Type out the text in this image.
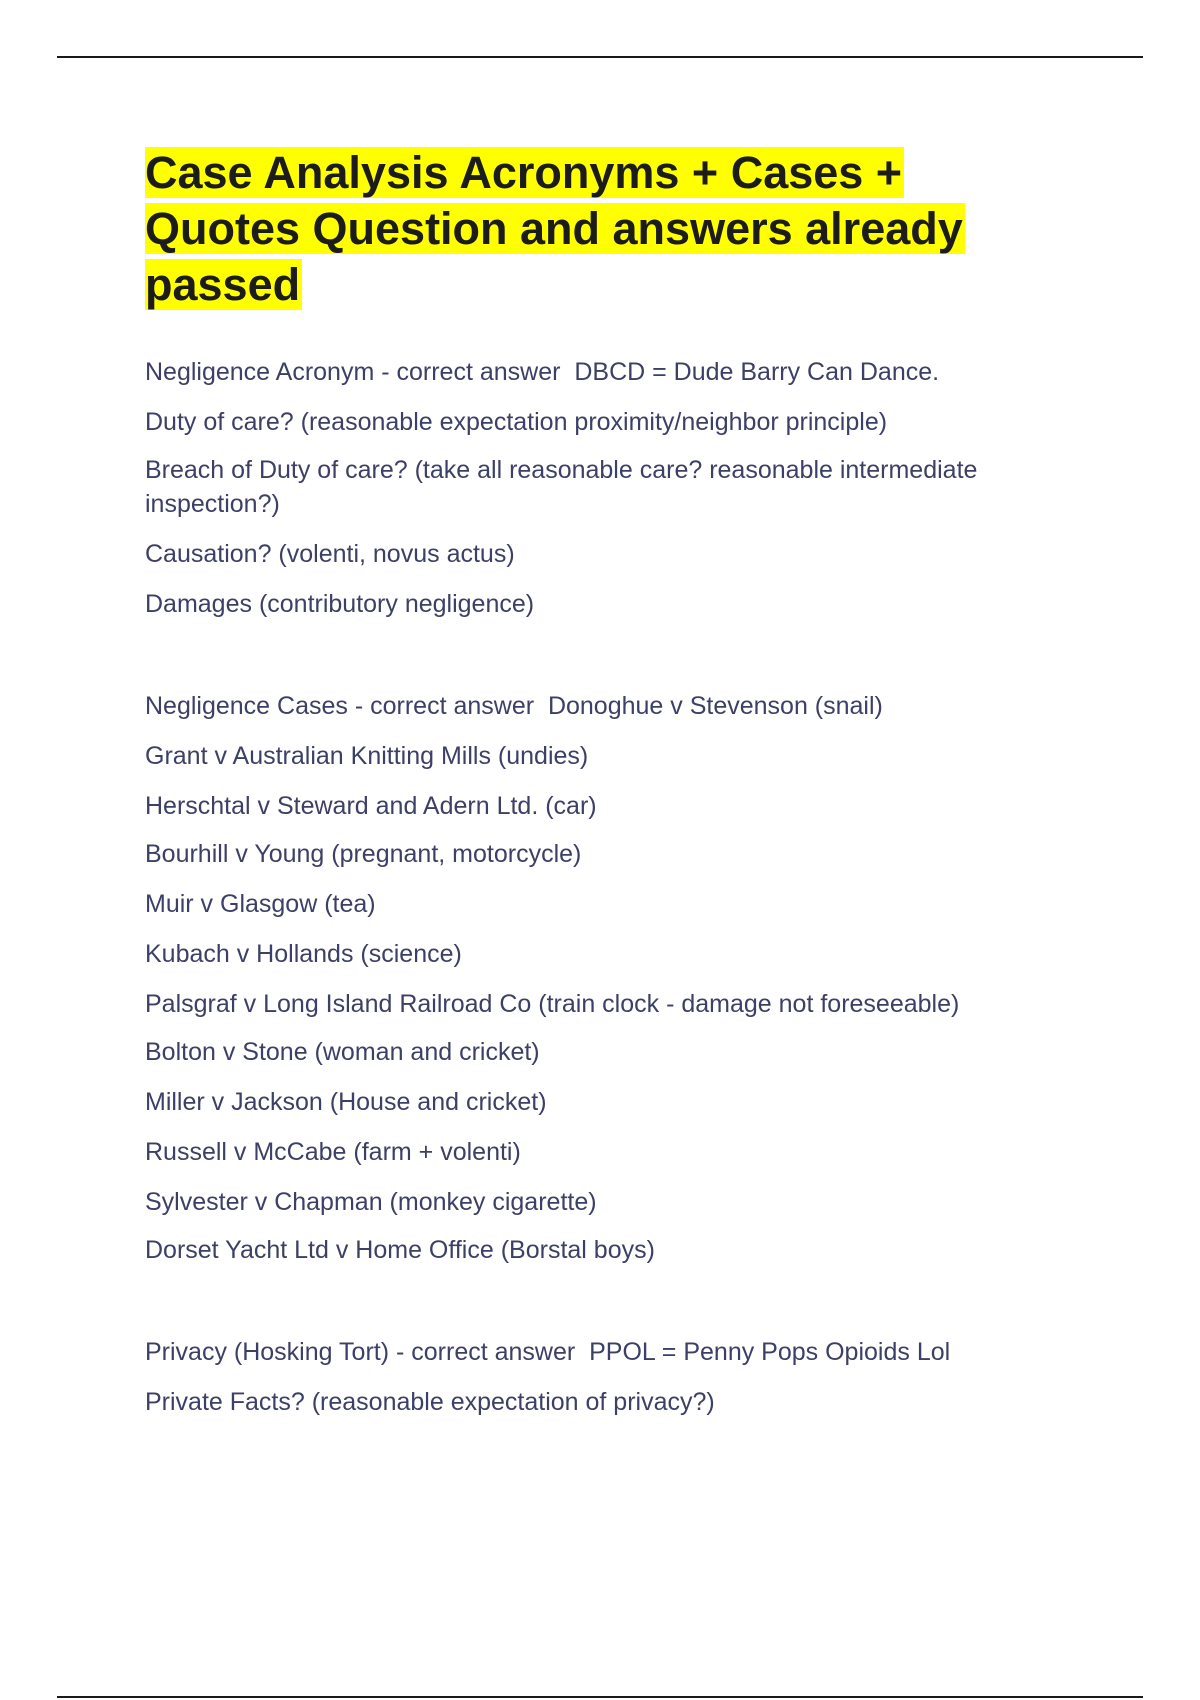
Case Analysis Acronyms + Cases + Quotes Question and answers already passed

Negligence Acronym - correct answer  DBCD = Dude Barry Can Dance.

Duty of care? (reasonable expectation proximity/neighbor principle)

Breach of Duty of care? (take all reasonable care? reasonable intermediate inspection?)

Causation? (volenti, novus actus)

Damages (contributory negligence)

Negligence Cases - correct answer  Donoghue v Stevenson (snail)

Grant v Australian Knitting Mills (undies)

Herschtal v Steward and Adern Ltd. (car)

Bourhill v Young (pregnant, motorcycle)

Muir v Glasgow (tea)

Kubach v Hollands (science)

Palsgraf v Long Island Railroad Co (train clock - damage not foreseeable)

Bolton v Stone (woman and cricket)

Miller v Jackson (House and cricket)

Russell v McCabe (farm + volenti)

Sylvester v Chapman (monkey cigarette)

Dorset Yacht Ltd v Home Office (Borstal boys)

Privacy (Hosking Tort) - correct answer  PPOL = Penny Pops Opioids Lol

Private Facts? (reasonable expectation of privacy?)
